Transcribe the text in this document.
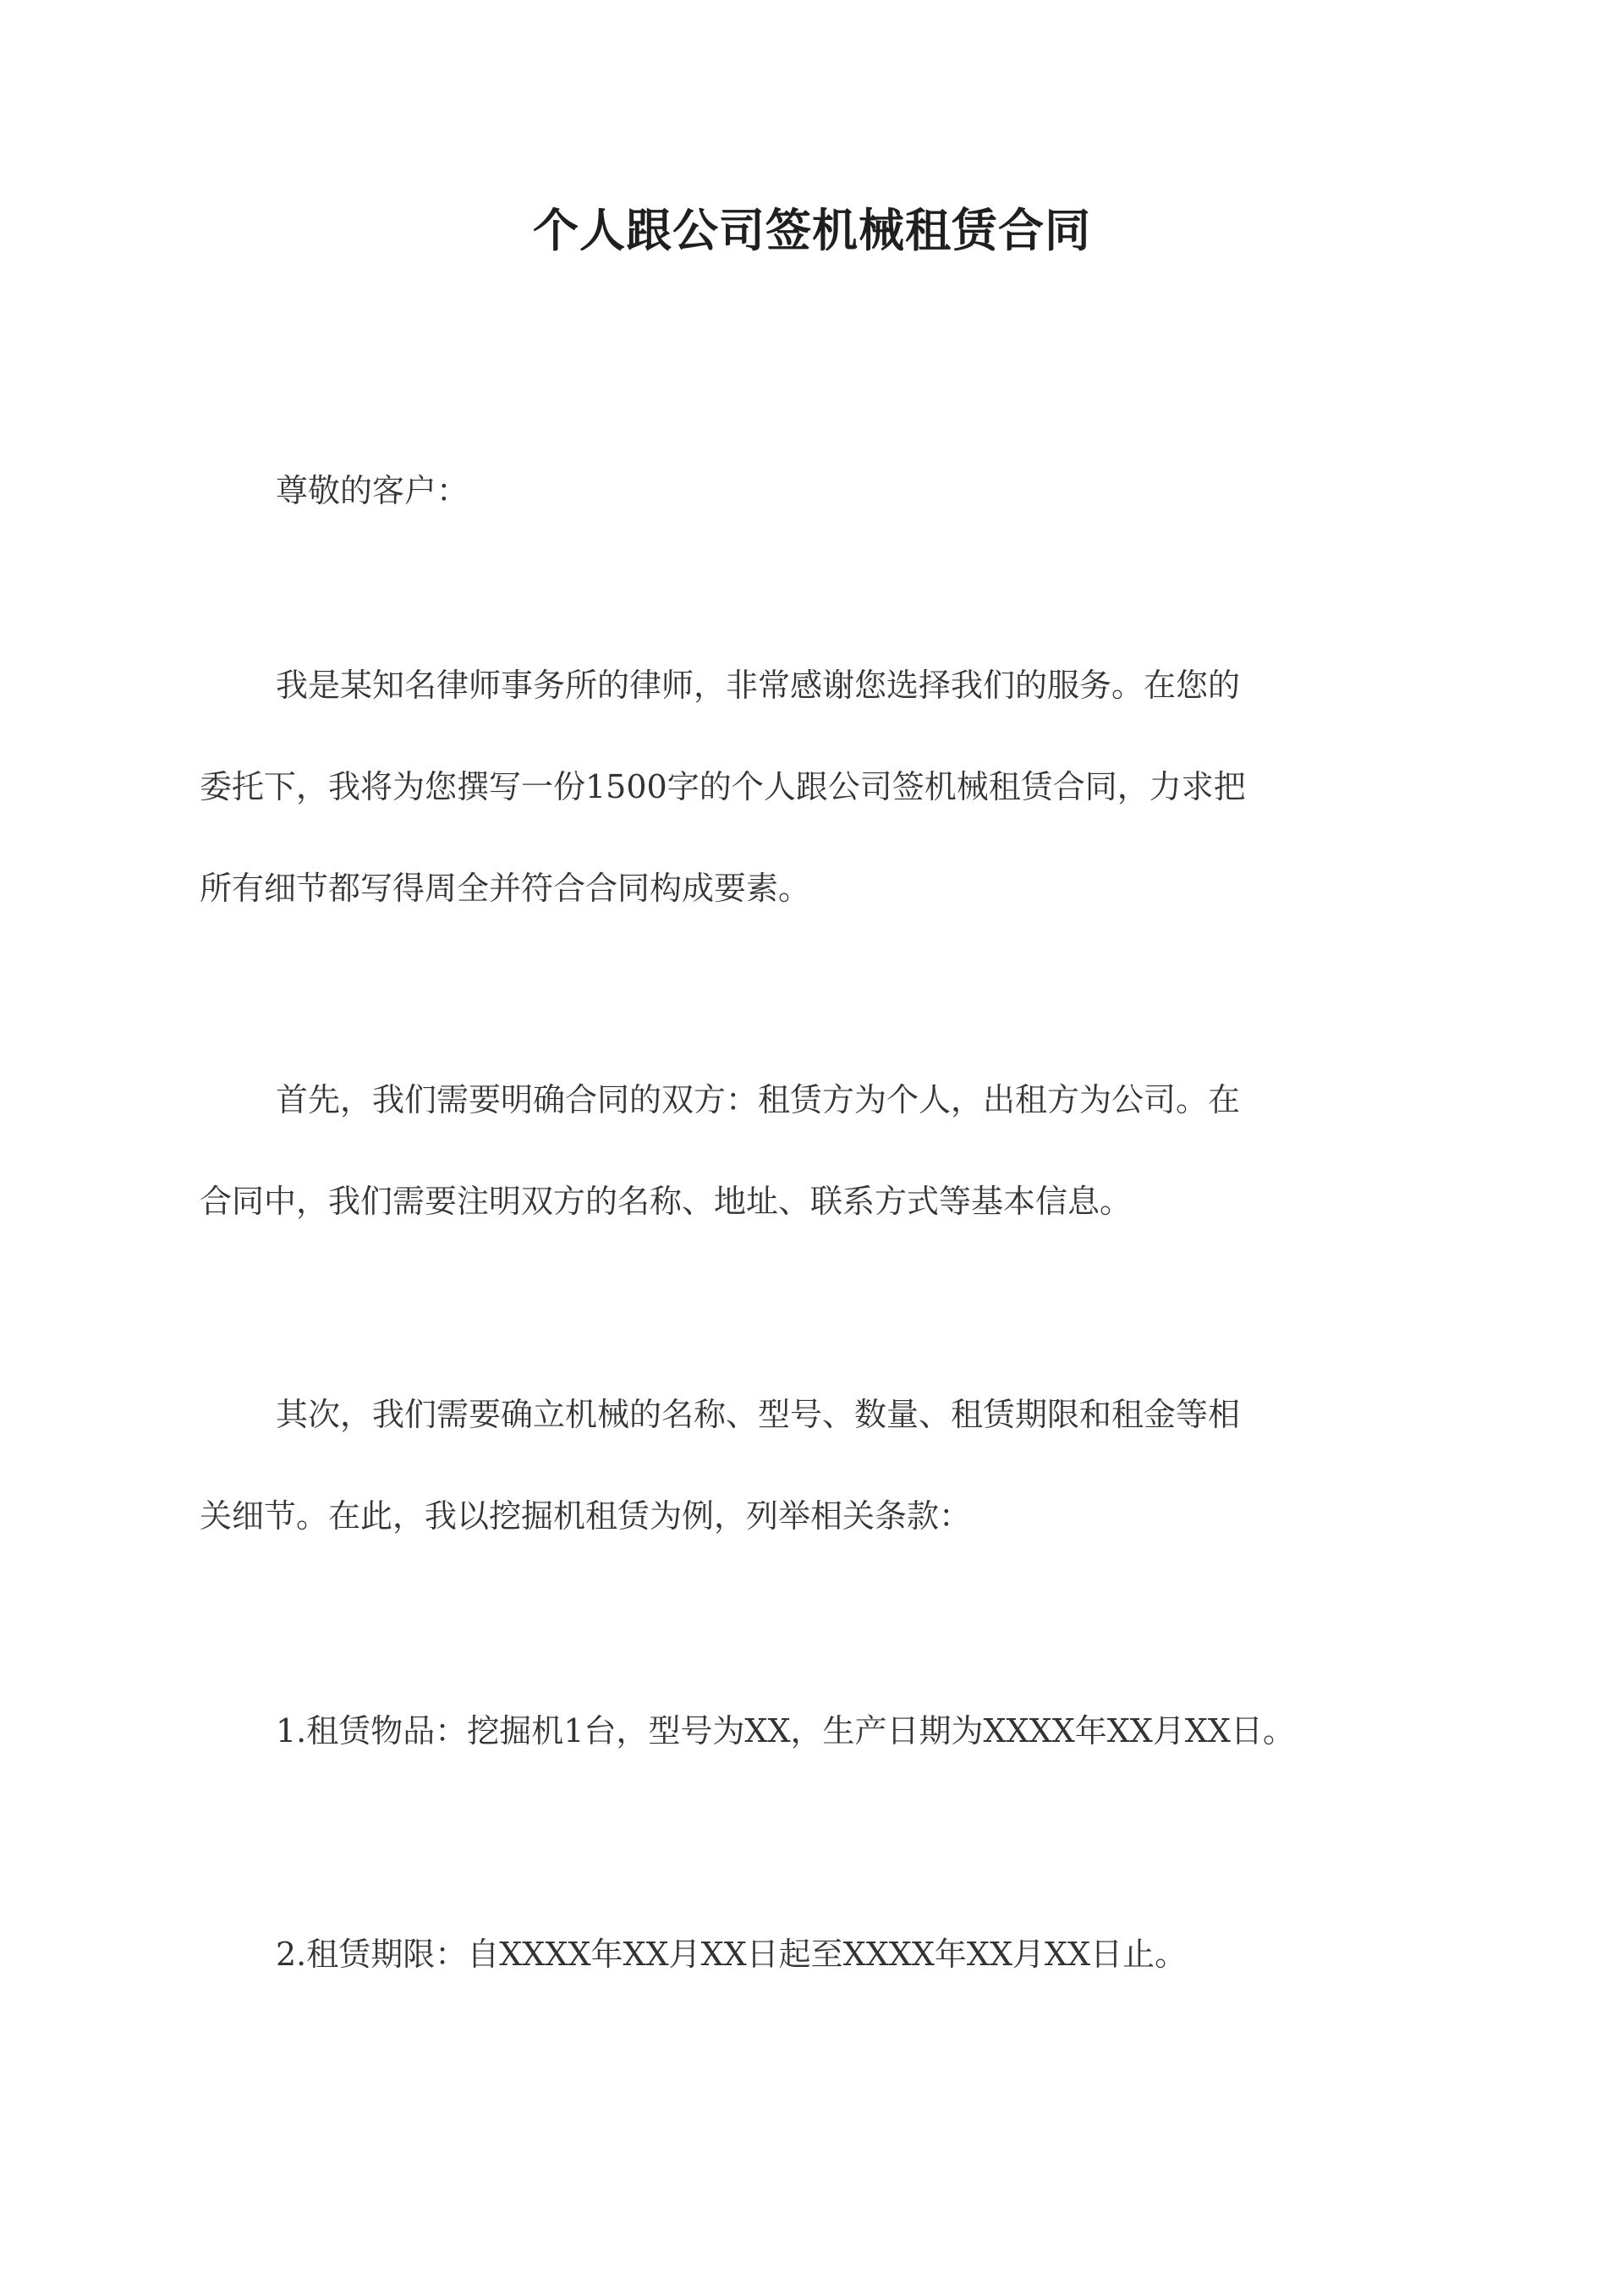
个人跟公司签机械租赁合同

尊敬的客户：

我是某知名律师事务所的律师，非常感谢您选择我们的服务。在您的
委托下，我将为您撰写一份1500字的个人跟公司签机械租赁合同，力求把
所有细节都写得周全并符合合同构成要素。

首先，我们需要明确合同的双方：租赁方为个人，出租方为公司。在
合同中，我们需要注明双方的名称、地址、联系方式等基本信息。

其次，我们需要确立机械的名称、型号、数量、租赁期限和租金等相
关细节。在此，我以挖掘机租赁为例，列举相关条款：

1.租赁物品：挖掘机1台，型号为XX，生产日期为XXXX年XX月XX日。

2.租赁期限：自XXXX年XX月XX日起至XXXX年XX月XX日止。
